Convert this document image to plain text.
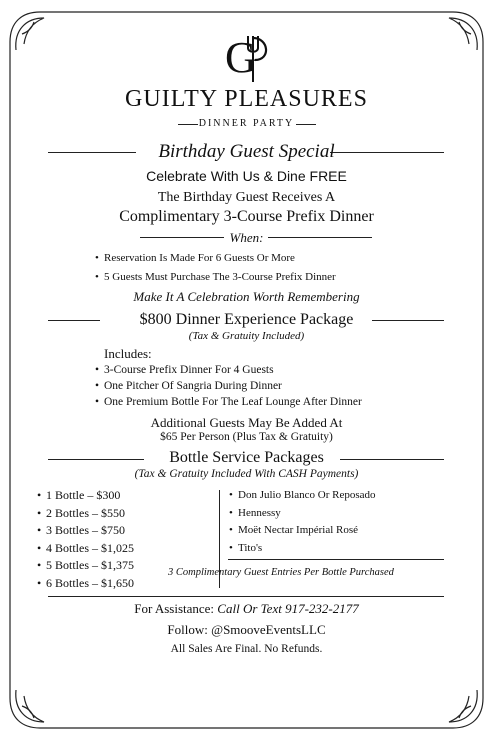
G
GUILTY PLEASURES
DINNER PARTY
Birthday Guest Special
Celebrate With Us & Dine FREE
The Birthday Guest Receives A
Complimentary 3-Course Prefix Dinner
When:
• Reservation Is Made For 6 Guests Or More
• 5 Guests Must Purchase The 3-Course Prefix Dinner
Make It A Celebration Worth Remembering
$800 Dinner Experience Package
(Tax & Gratuity Included)
Includes:
• 3-Course Prefix Dinner For 4 Guests
• One Pitcher Of Sangria During Dinner
• One Premium Bottle For The Leaf Lounge After Dinner
Additional Guests May Be Added At
$65 Per Person (Plus Tax & Gratuity)
Bottle Service Packages
(Tax & Gratuity Included With CASH Payments)
• 1 Bottle – $300
• 2 Bottles – $550
• 3 Bottles – $750
• 4 Bottles – $1,025
• 5 Bottles – $1,375
• 6 Bottles – $1,650
• Don Julio Blanco Or Reposado
• Hennessy
• Moët Nectar Impérial Rosé
• Tito's
3 Complimentary Guest Entries Per Bottle Purchased
For Assistance: Call Or Text 917-232-2177
Follow: @SmooveEventsLLC
All Sales Are Final. No Refunds.
